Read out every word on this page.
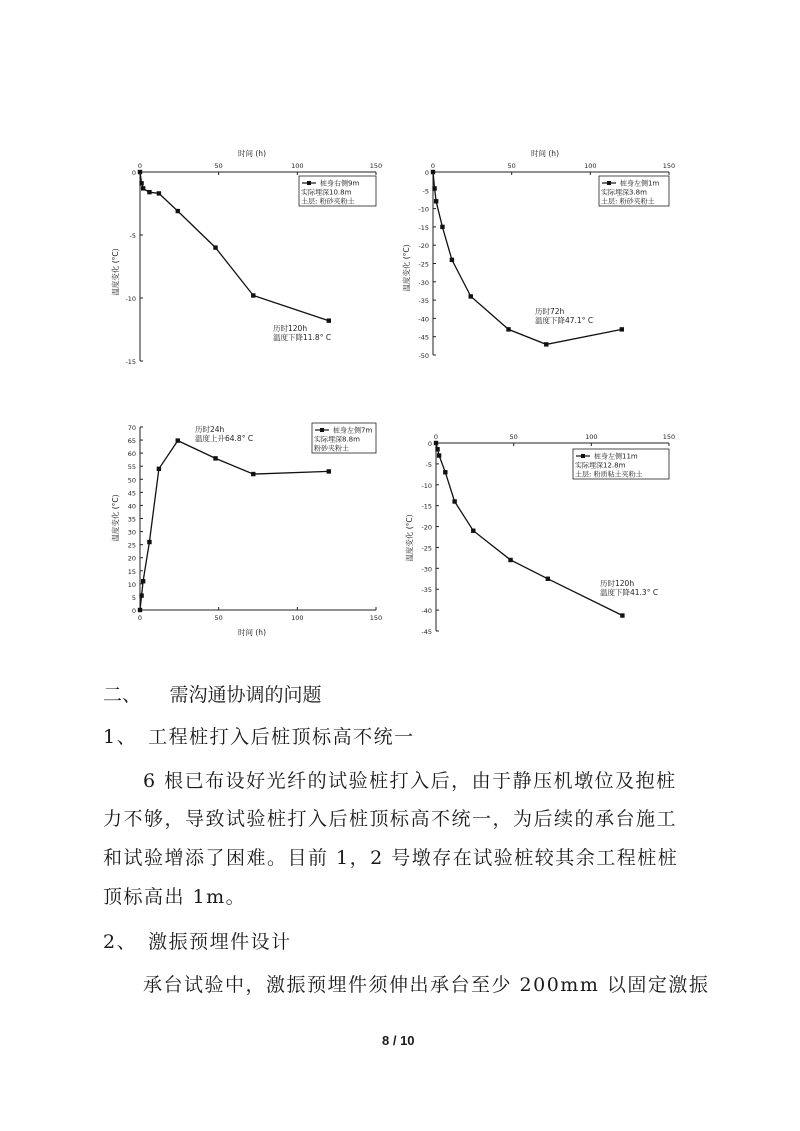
0
-5
-10
-15
0	50	100	150
时间 (h)
温度变化 (°C)
桩身右侧9m
实际埋深10.8m
土层: 粉砂夹粉土
历时120h
温度下降11.8° C
0
-5
-10
-15
-20
-25
-30
-35
-40
-45
-50
0	50	100	150
时间 (h)
温度变化 (°C)
桩身左侧1m
实际埋深3.8m
土层: 粉砂夹粉土
历时72h
温度下降47.1° C
0
5
10
15
20
25
30
35
40
45
50
55
60
65
70
0	50	100	150
时间 (h)
温度变化 (°C)
桩身左侧7m
实际埋深8.8m
粉砂夹粉土
历时24h
温度上升64.8° C
0
-5
-10
-15
-20
-25
-30
-35
-40
-45
0	50	100	150
温度变化 (°C)
桩身左侧11m
实际埋深12.8m
土层: 粉质粘土夹粉土
历时120h
温度下降41.3° C
二、　　需沟通协调的问题
1、　工程桩打入后桩顶标高不统一
6 根已布设好光纤的试验桩打入后，由于静压机墩位及抱桩
力不够，导致试验桩打入后桩顶标高不统一，为后续的承台施工
和试验增添了困难。目前 1，2 号墩存在试验桩较其余工程桩桩
顶标高出 1m。
2、　激振预埋件设计
承台试验中，激振预埋件须伸出承台至少 200mm 以固定激振
8 / 10
